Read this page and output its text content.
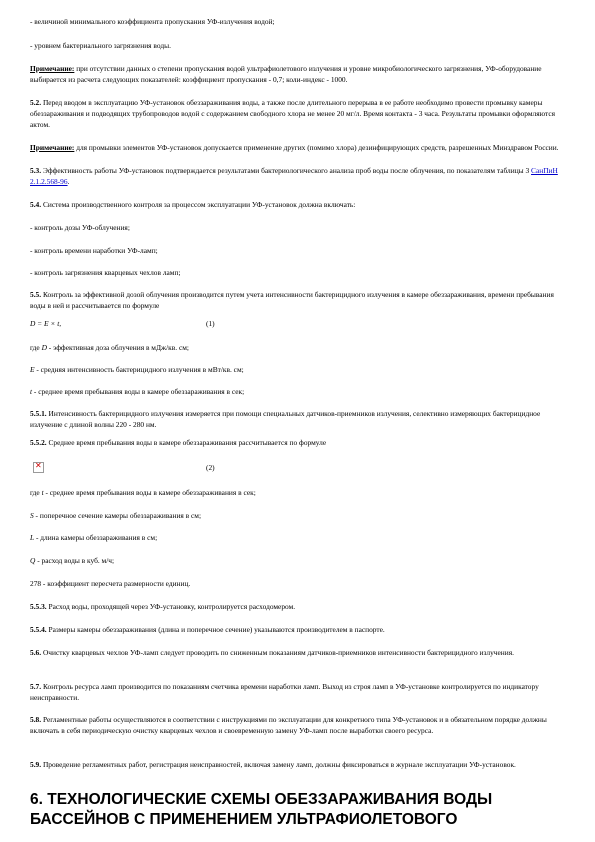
- величиной минимального коэффициента пропускания УФ-излучения водой;

- уровнем бактериального загрязнения воды.

Примечание: при отсутствии данных о степени пропускания водой ультрафиолетового излучения и уровне микробиологического загрязнения, УФ-оборудование выбирается из расчета следующих показателей: коэффициент пропускания - 0,7; коли-индекс - 1000.

5.2. Перед вводом в эксплуатацию УФ-установок обеззараживания воды, а также после длительного перерыва в ее работе необходимо провести промывку камеры обеззараживания и подводящих трубопроводов водой с содержанием свободного хлора не менее 20 мг/л. Время контакта - 3 часа. Результаты промывки оформляются актом.

Примечание: для промывки элементов УФ-установок допускается применение других (помимо хлора) дезинфицирующих средств, разрешенных Минздравом России.

5.3. Эффективность работы УФ-установок подтверждается результатами бактериологического анализа проб воды после облучения, по показателям таблицы 3 СанПиН 2.1.2.568-96.

5.4. Система производственного контроля за процессом эксплуатации УФ-установок должна включать:

- контроль дозы УФ-облучения;

- контроль времени наработки УФ-ламп;

- контроль загрязнения кварцевых чехлов ламп;

5.5. Контроль за эффективной дозой облучения производится путем учета интенсивности бактерицидного излучения в камере обеззараживания, времени пребывания воды в ней и рассчитывается по формуле

D = E × t,	(1)

где D - эффективная доза облучения в мДж/кв. см;

E - средняя интенсивность бактерицидного излучения в мВт/кв. см;

t - среднее время пребывания воды в камере обеззараживания в сек;

5.5.1. Интенсивность бактерицидного излучения измеряется при помощи специальных датчиков-приемников излучения, селективно измеряющих бактерицидное излучение с длиной волны 220 - 280 нм.

5.5.2. Среднее время пребывания воды в камере обеззараживания рассчитывается по формуле

✕
(2)

где t - среднее время пребывания воды в камере обеззараживания в сек;

S - поперечное сечение камеры обеззараживания в см;

L - длина камеры обеззараживания в см;

Q - расход воды в куб. м/ч;

278 - коэффициент пересчета размерности единиц.

5.5.3. Расход воды, проходящей через УФ-установку, контролируется расходомером.

5.5.4. Размеры камеры обеззараживания (длина и поперечное сечение) указываются производителем в паспорте.

5.6. Очистку кварцевых чехлов УФ-ламп следует проводить по сниженным показаниям датчиков-приемников интенсивности бактерицидного излучения.

5.7. Контроль ресурса ламп производится по показаниям счетчика времени наработки ламп. Выход из строя ламп в УФ-установке контролируется по индикатору неисправности.

5.8. Регламентные работы осуществляются в соответствии с инструкциями по эксплуатации для конкретного типа УФ-установок и в обязательном порядке должны включать в себя периодическую очистку кварцевых чехлов и своевременную замену УФ-ламп после выработки своего ресурса.

5.9. Проведение регламентных работ, регистрация неисправностей, включая замену ламп, должны фиксироваться в журнале эксплуатации УФ-установок.

6. ТЕХНОЛОГИЧЕСКИЕ СХЕМЫ ОБЕЗЗАРАЖИВАНИЯ ВОДЫ БАССЕЙНОВ С ПРИМЕНЕНИЕМ УЛЬТРАФИОЛЕТОВОГО
